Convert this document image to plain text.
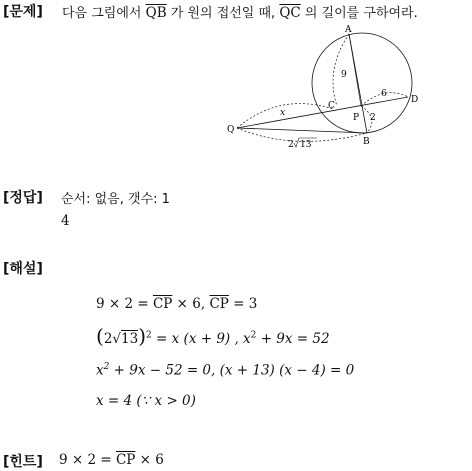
[문제] 다음 그림에서 $\overline{QB}$ 가 원의 접선일 때, $\overline{QC}$ 의 길이를 구하여라.
A
C
D
P
Q
B
9
6
x	2
2 13
[정답] 순서: 없음, 갯수: 1
4
[해설]
$9 \times 2 = \overline{CP} \times 6$, $\overline{CP} = 3$
$(2√13)^2 = x$ (x + 9) , $x^2 + 9x = 52$
$x^2 + 9x - 52 = 0$, (x + 13) (x − 4) = 0
x = 4 (∵ x > 0)
[힌트] $9 \times 2 = \overline{CP} \times 6$
